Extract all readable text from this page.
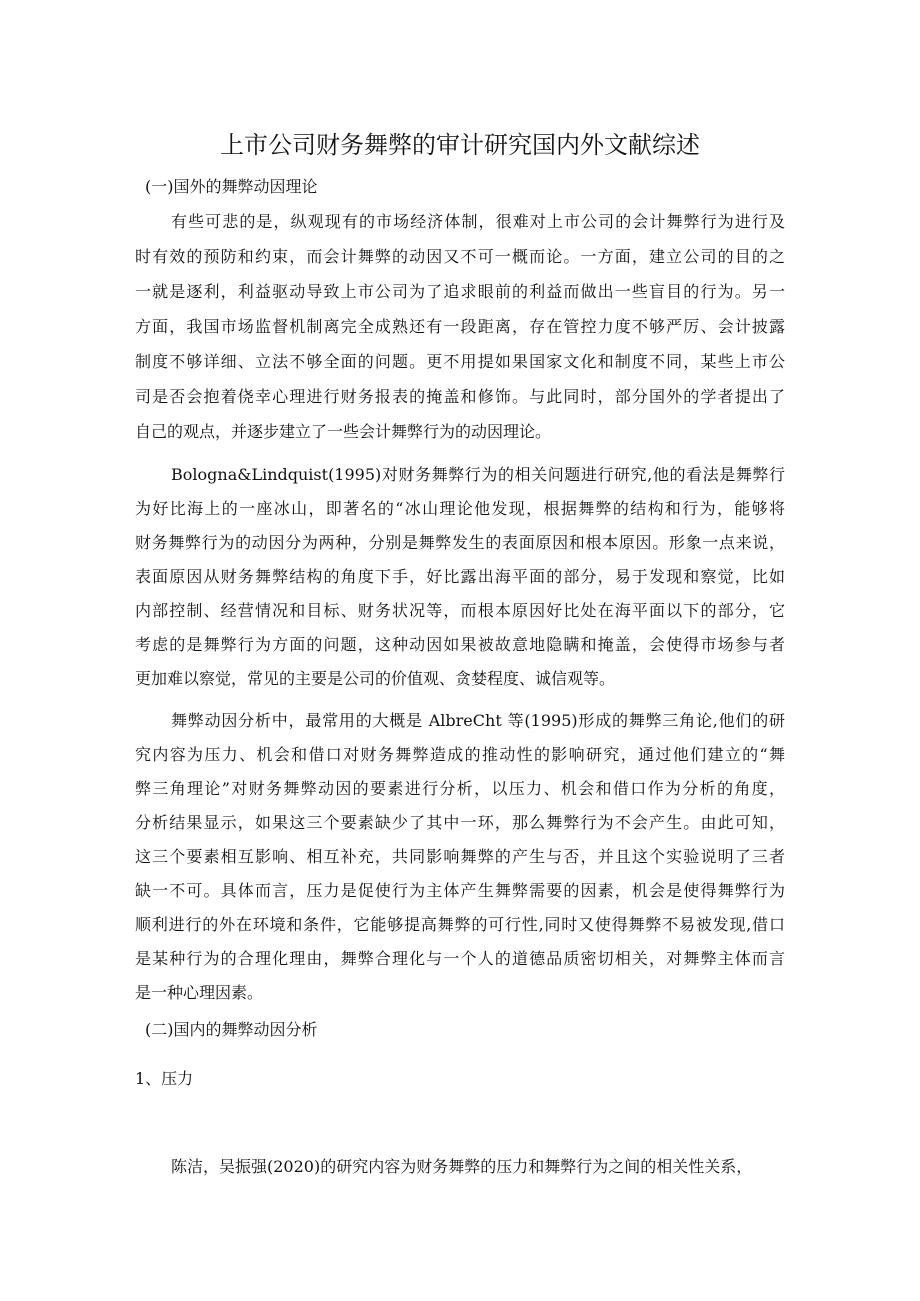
上市公司财务舞弊的审计研究国内外文献综述
(一)国外的舞弊动因理论
有些可悲的是，纵观现有的市场经济体制，很难对上市公司的会计舞弊行为进行及
时有效的预防和约束，而会计舞弊的动因又不可一概而论。一方面，建立公司的目的之
一就是逐利，利益驱动导致上市公司为了追求眼前的利益而做出一些盲目的行为。另一
方面，我国市场监督机制离完全成熟还有一段距离，存在管控力度不够严厉、会计披露
制度不够详细、立法不够全面的问题。更不用提如果国家文化和制度不同，某些上市公
司是否会抱着侥幸心理进行财务报表的掩盖和修饰。与此同时，部分国外的学者提出了
自己的观点，并逐步建立了一些会计舞弊行为的动因理论。
Bologna&Lindquist(1995)对财务舞弊行为的相关问题进行研究,他的看法是舞弊行
为好比海上的一座冰山，即著名的“冰山理论他发现，根据舞弊的结构和行为，能够将
财务舞弊行为的动因分为两种，分别是舞弊发生的表面原因和根本原因。形象一点来说，
表面原因从财务舞弊结构的角度下手，好比露出海平面的部分，易于发现和察觉，比如
内部控制、经营情况和目标、财务状况等，而根本原因好比处在海平面以下的部分，它
考虑的是舞弊行为方面的问题，这种动因如果被故意地隐瞒和掩盖，会使得市场参与者
更加难以察觉，常见的主要是公司的价值观、贪婪程度、诚信观等。
舞弊动因分析中，最常用的大概是 AlbreCht 等(1995)形成的舞弊三角论,他们的研
究内容为压力、机会和借口对财务舞弊造成的推动性的影响研究，通过他们建立的“舞
弊三角理论”对财务舞弊动因的要素进行分析，以压力、机会和借口作为分析的角度，
分析结果显示，如果这三个要素缺少了其中一环，那么舞弊行为不会产生。由此可知，
这三个要素相互影响、相互补充，共同影响舞弊的产生与否，并且这个实验说明了三者
缺一不可。具体而言，压力是促使行为主体产生舞弊需要的因素，机会是使得舞弊行为
顺利进行的外在环境和条件，它能够提高舞弊的可行性,同时又使得舞弊不易被发现,借口
是某种行为的合理化理由，舞弊合理化与一个人的道德品质密切相关，对舞弊主体而言
是一种心理因素。
(二)国内的舞弊动因分析
1、压力
陈洁，吴振强(2020)的研究内容为财务舞弊的压力和舞弊行为之间的相关性关系，
